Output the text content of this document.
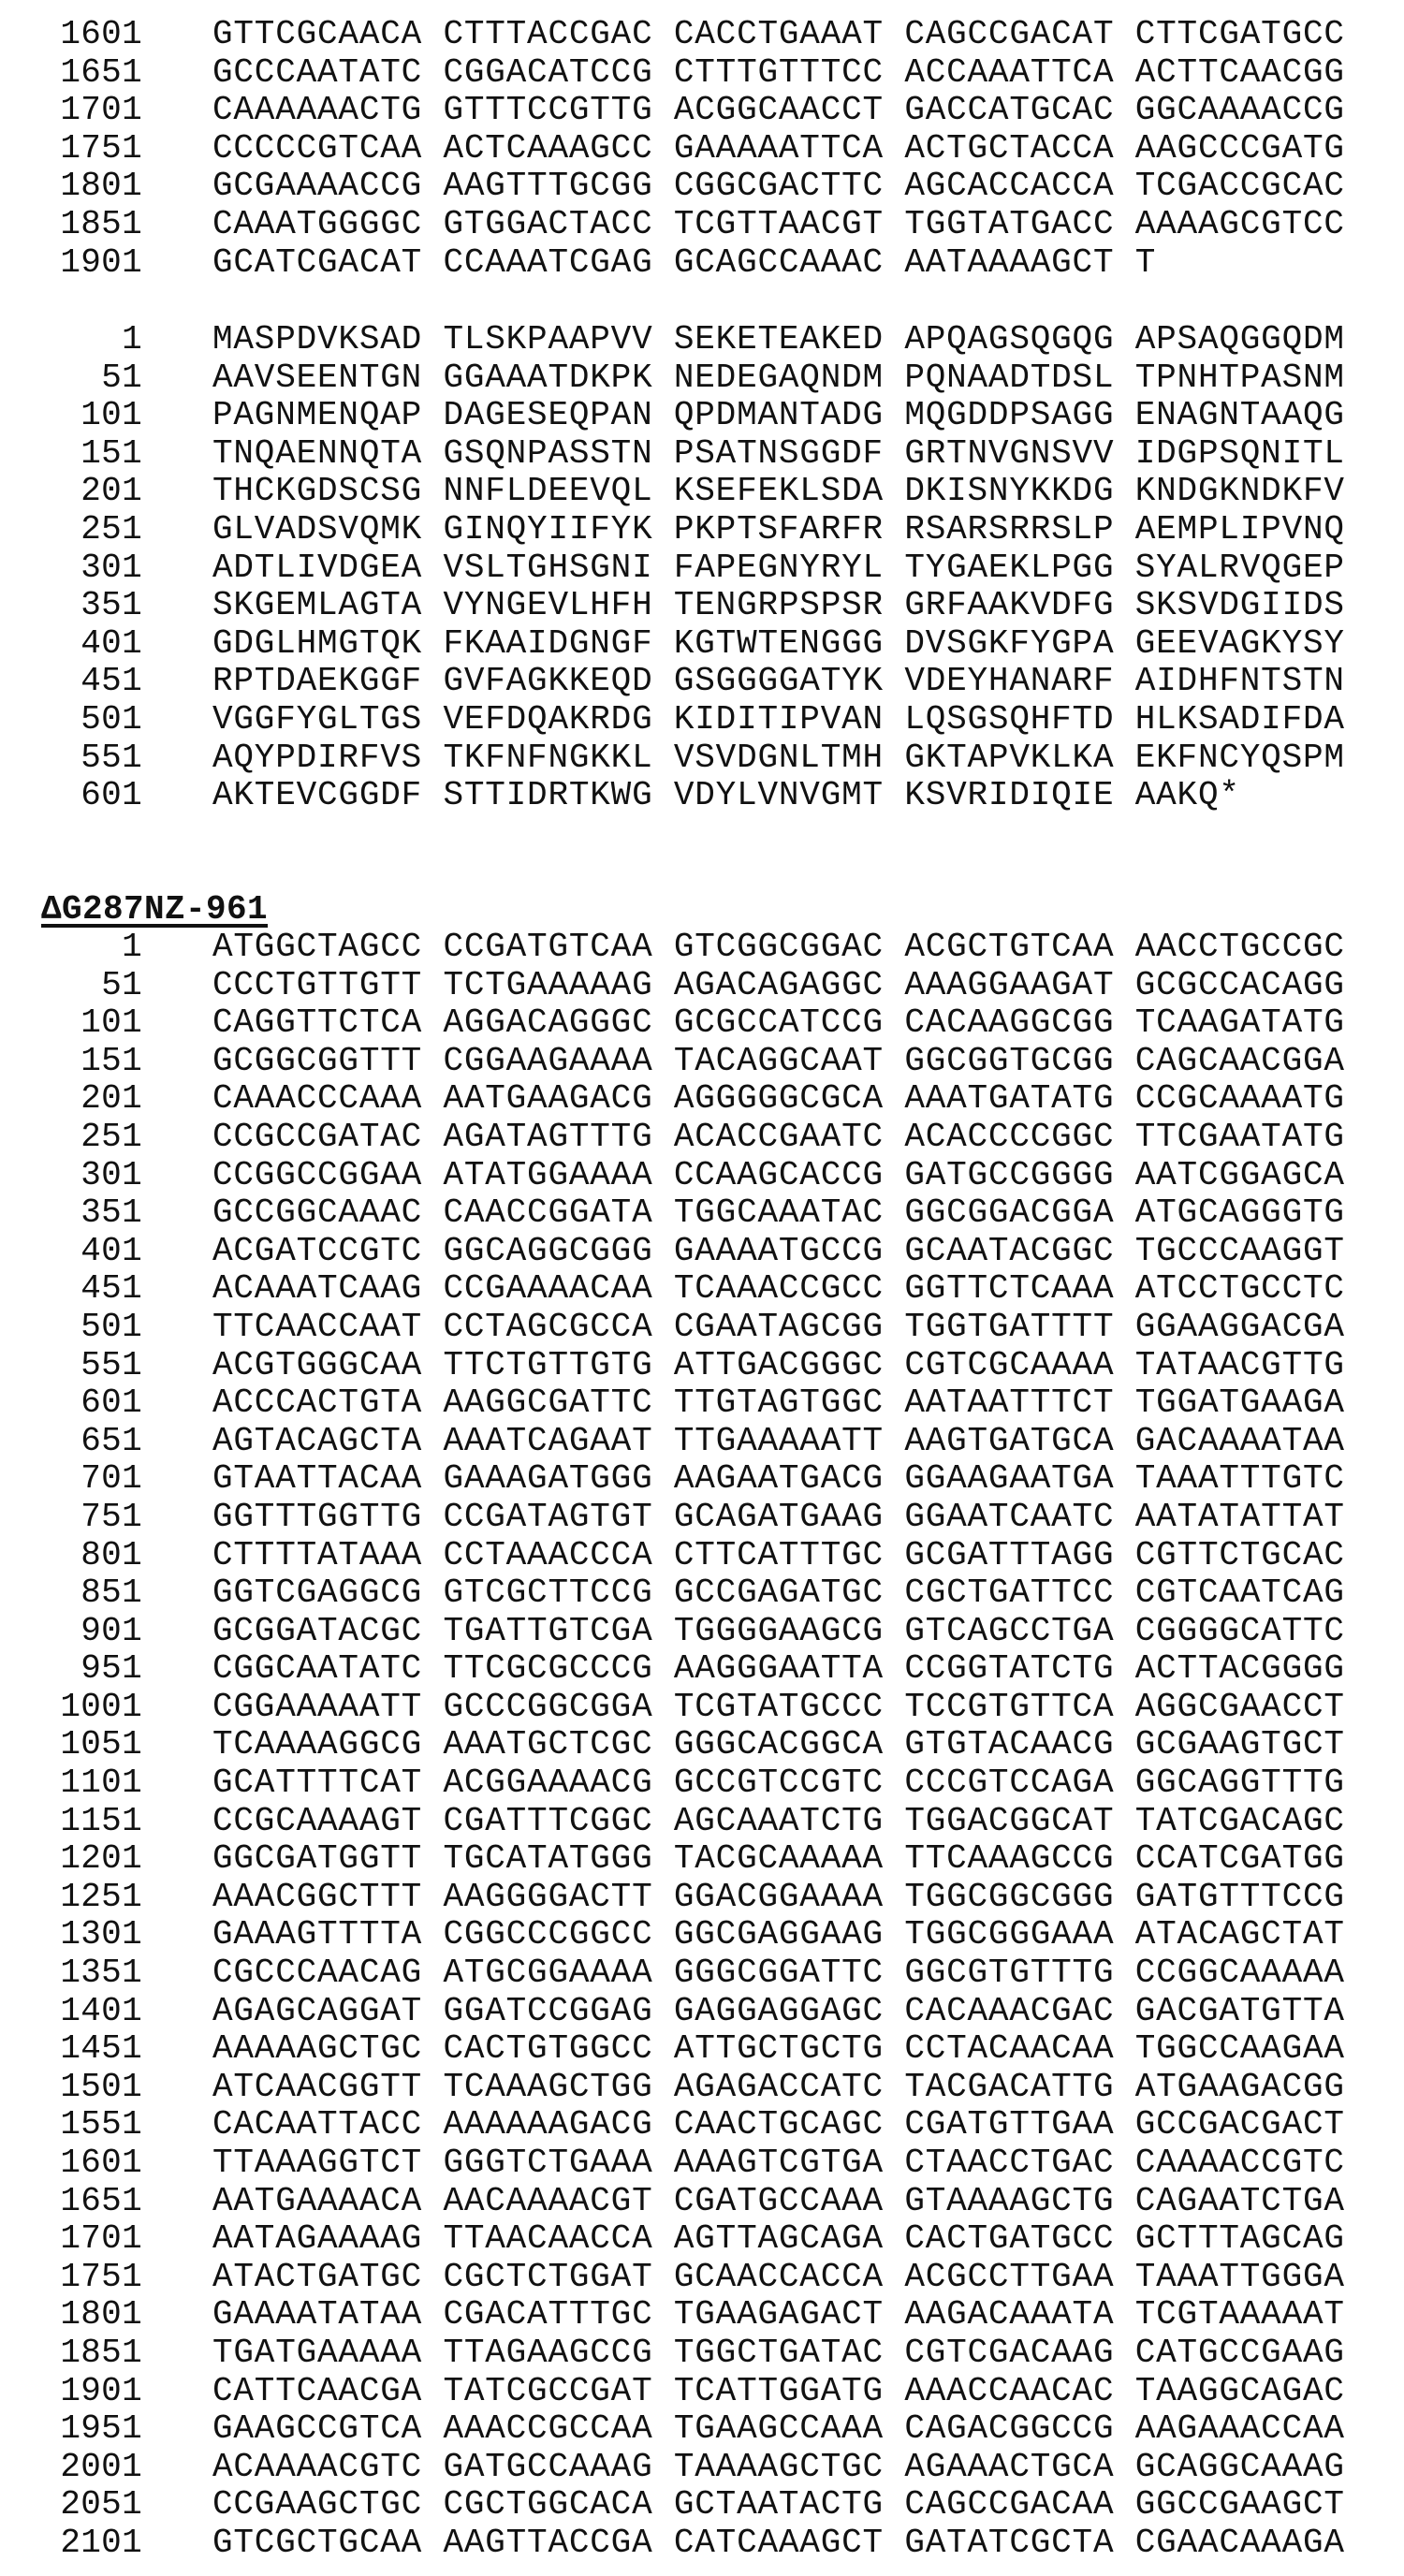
1601 GTTCGCAACA CTTTACCGAC CACCTGAAAT CAGCCGACAT CTTCGATGCC
1651 GCCCAATATC CGGACATCCG CTTTGTTTCC ACCAAATTCA ACTTCAACGG
1701 CAAAAAACTG GTTTCCGTTG ACGGCAACCT GACCATGCAC GGCAAAACCG
1751 CCCCCGTCAA ACTCAAAGCC GAAAAATTCA ACTGCTACCA AAGCCCGATG
1801 GCGAAAACCG AAGTTTGCGG CGGCGACTTC AGCACCACCA TCGACCGCAC
1851 CAAATGGGGC GTGGACTACC TCGTTAACGT TGGTATGACC AAAAGCGTCC
1901 GCATCGACAT CCAAATCGAG GCAGCCAAAC AATAAAAGCT T
1 MASPDVKSAD TLSKPAAPVV SEKETEAKED APQAGSQGQG APSAQGGQDM
51 AAVSEENTGN GGAAATDKPK NEDEGAQNDM PQNAADTDSL TPNHTPASNM
101 PAGNMENQAP DAGESEQPAN QPDMANTADG MQGDDPSAGG ENAGNTAAQG
151 TNQAENNQTA GSQNPASSTN PSATNSGGDF GRTNVGNSVV IDGPSQNITL
201 THCKGDSCSG NNFLDEEVQL KSEFEKLSDA DKISNYKKDG KNDGKNDKFV
251 GLVADSVQMK GINQYIIFYK PKPTSFARFR RSARSRRSLP AEMPLIPVNQ
301 ADTLIVDGEA VSLTGHSGNI FAPEGNYRYL TYGAEKLPGG SYALRVQGEP
351 SKGEMLAGTA VYNGEVLHFH TENGRPSPSR GRFAAKVDFG SKSVDGIIDS
401 GDGLHMGTQK FKAAIDGNGF KGTWTENGGG DVSGKFYGPA GEEVAGKYSY
451 RPTDAEKGGF GVFAGKKEQD GSGGGGATYK VDEYHANARF AIDHFNTSTN
501 VGGFYGLTGS VEFDQAKRDG KIDITIPVAN LQSGSQHFTD HLKSADIFDA
551 AQYPDIRFVS TKFNFNGKKL VSVDGNLTMH GKTAPVKLKA EKFNCYQSPM
601 AKTEVCGGDF STTIDRTKWG VDYLVNVGMT KSVRIDIQIE AAKQ*
ΔG287NZ-961
1 ATGGCTAGCC CCGATGTCAA GTCGGCGGAC ACGCTGTCAA AACCTGCCGC
51 CCCTGTTGTT TCTGAAAAAG AGACAGAGGC AAAGGAAGAT GCGCCACAGG
101 CAGGTTCTCA AGGACAGGGC GCGCCATCCG CACAAGGCGG TCAAGATATG
151 GCGGCGGTTT CGGAAGAAAA TACAGGCAAT GGCGGTGCGG CAGCAACGGA
201 CAAACCCAAA AATGAAGACG AGGGGGCGCA AAATGATATG CCGCAAAATG
251 CCGCCGATAC AGATAGTTTG ACACCGAATC ACACCCCGGC TTCGAATATG
301 CCGGCCGGAA ATATGGAAAA CCAAGCACCG GATGCCGGGG AATCGGAGCA
351 GCCGGCAAAC CAACCGGATA TGGCAAATAC GGCGGACGGA ATGCAGGGTG
401 ACGATCCGTC GGCAGGCGGG GAAAATGCCG GCAATACGGC TGCCCAAGGT
451 ACAAATCAAG CCGAAAACAA TCAAACCGCC GGTTCTCAAA ATCCTGCCTC
501 TTCAACCAAT CCTAGCGCCA CGAATAGCGG TGGTGATTTT GGAAGGACGA
551 ACGTGGGCAA TTCTGTTGTG ATTGACGGGC CGTCGCAAAA TATAACGTTG
601 ACCCACTGTA AAGGCGATTC TTGTAGTGGC AATAATTTCT TGGATGAAGA
651 AGTACAGCTA AAATCAGAAT TTGAAAAATT AAGTGATGCA GACAAAATAA
701 GTAATTACAA GAAAGATGGG AAGAATGACG GGAAGAATGA TAAATTTGTC
751 GGTTTGGTTG CCGATAGTGT GCAGATGAAG GGAATCAATC AATATATTAT
801 CTTTTATAAA CCTAAACCCA CTTCATTTGC GCGATTTAGG CGTTCTGCAC
851 GGTCGAGGCG GTCGCTTCCG GCCGAGATGC CGCTGATTCC CGTCAATCAG
901 GCGGATACGC TGATTGTCGA TGGGGAAGCG GTCAGCCTGA CGGGGCATTC
951 CGGCAATATC TTCGCGCCCG AAGGGAATTA CCGGTATCTG ACTTACGGGG
1001 CGGAAAAATT GCCCGGCGGA TCGTATGCCC TCCGTGTTCA AGGCGAACCT
1051 TCAAAAGGCG AAATGCTCGC GGGCACGGCA GTGTACAACG GCGAAGTGCT
1101 GCATTTTCAT ACGGAAAACG GCCGTCCGTC CCCGTCCAGA GGCAGGTTTG
1151 CCGCAAAAGT CGATTTCGGC AGCAAATCTG TGGACGGCAT TATCGACAGC
1201 GGCGATGGTT TGCATATGGG TACGCAAAAA TTCAAAGCCG CCATCGATGG
1251 AAACGGCTTT AAGGGGACTT GGACGGAAAA TGGCGGCGGG GATGTTTCCG
1301 GAAAGTTTTA CGGCCCGGCC GGCGAGGAAG TGGCGGGAAA ATACAGCTAT
1351 CGCCCAACAG ATGCGGAAAA GGGCGGATTC GGCGTGTTTG CCGGCAAAAA
1401 AGAGCAGGAT GGATCCGGAG GAGGAGGAGC CACAAACGAC GACGATGTTA
1451 AAAAAGCTGC CACTGTGGCC ATTGCTGCTG CCTACAACAA TGGCCAAGAA
1501 ATCAACGGTT TCAAAGCTGG AGAGACCATC TACGACATTG ATGAAGACGG
1551 CACAATTACC AAAAAAGACG CAACTGCAGC CGATGTTGAA GCCGACGACT
1601 TTAAAGGTCT GGGTCTGAAA AAAGTCGTGA CTAACCTGAC CAAAACCGTC
1651 AATGAAAACA AACAAAACGT CGATGCCAAA GTAAAAGCTG CAGAATCTGA
1701 AATAGAAAAG TTAACAACCA AGTTAGCAGA CACTGATGCC GCTTTAGCAG
1751 ATACTGATGC CGCTCTGGAT GCAACCACCA ACGCCTTGAA TAAATTGGGA
1801 GAAAATATAA CGACATTTGC TGAAGAGACT AAGACAAATA TCGTAAAAAT
1851 TGATGAAAAA TTAGAAGCCG TGGCTGATAC CGTCGACAAG CATGCCGAAG
1901 CATTCAACGA TATCGCCGAT TCATTGGATG AAACCAACAC TAAGGCAGAC
1951 GAAGCCGTCA AAACCGCCAA TGAAGCCAAA CAGACGGCCG AAGAAACCAA
2001 ACAAAACGTC GATGCCAAAG TAAAAGCTGC AGAAACTGCA GCAGGCAAAG
2051 CCGAAGCTGC CGCTGGCACA GCTAATACTG CAGCCGACAA GGCCGAAGCT
2101 GTCGCTGCAA AAGTTACCGA CATCAAAGCT GATATCGCTA CGAACAAAGA
